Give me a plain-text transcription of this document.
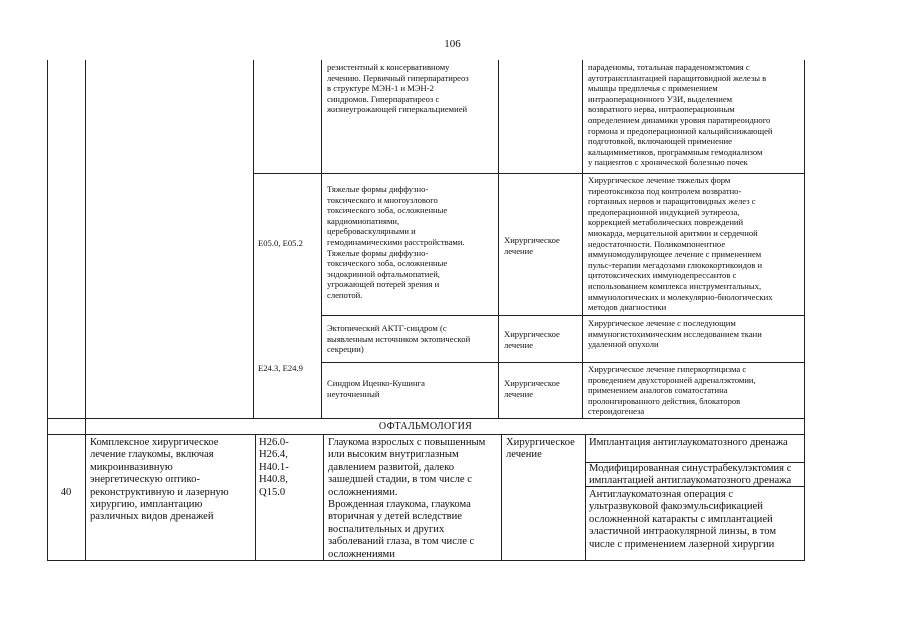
106
резистентный к консервативному
лечению. Первичный гиперпаратиреоз
в структуре МЭН-1 и МЭН-2
синдромов. Гиперпаратиреоз с
жизнеугрожающей гиперкальциемией
параденомы, тотальная параденомэктомия с
аутотрансплантацией паращитовидной железы в
мышцы предплечья с применением
интраоперационного УЗИ, выделением
возвратного нерва, интраоперационным
определением динамики уровня паратиреоидного
гормона и предоперационной кальцийснижающей
подготовкой, включающей применение
кальцимиметиков, программным гемодиализом
у пациентов с хронической болезнью почек
E05.0, E05.2
Тяжелые формы диффузно-
токсического и многоузлового
токсического зоба, осложненные
кардиомиопатиями,
цереброваскулярными и
гемодинамическими расстройствами.
Тяжелые формы диффузно-
токсического зоба, осложненные
эндокринной офтальмопатией,
угрожающей потерей зрения и
слепотой.
Хирургическое
лечение
Хирургическое лечение тяжелых форм
тиреотоксикоза под контролем возвратно-
гортанных нервов и паращитовидных желез с
предоперационной индукцией эутиреоза,
коррекцией метаболических повреждений
миокарда, мерцательной аритмии и сердечной
недостаточности. Поликомпонентное
иммуномодулирующее лечение с применением
пульс-терапии мегадозами глюкокортикоидов и
цитотоксических иммунодепрессантов с
использованием комплекса инструментальных,
иммунологических и молекулярно-биологических
методов диагностики
E24.3, E24.9
Эктопический АКТГ-синдром (с
выявленным источником эктопической
секреции)
Хирургическое
лечение
Хирургическое лечение с последующим
иммуногистохимическим исследованием ткани
удаленной опухоли
Синдром Иценко-Кушинга
неуточненный
Хирургическое
лечение
Хирургическое лечение гиперкортицизма с
проведением двухсторонней адреналэктомии,
применением аналогов соматостатина
пролонгированного действия, блокаторов
стероидогенеза
ОФТАЛЬМОЛОГИЯ
40
Комплексное хирургическое
лечение глаукомы, включая
микроинвазивную
энергетическую оптико-
реконструктивную и лазерную
хирургию, имплантацию
различных видов дренажей
H26.0-
H26.4,
H40.1-
H40.8,
Q15.0
Глаукома взрослых с повышенным
или высоким внутриглазным
давлением развитой, далеко
зашедшей стадии, в том числе с
осложнениями.
Врожденная глаукома, глаукома
вторичная у детей вследствие
воспалительных и других
заболеваний глаза, в том числе с
осложнениями
Хирургическое
лечение
Имплантация антиглаукоматозного дренажа
Модифицированная синустрабекулэктомия с
имплантацией антиглаукоматозного дренажа
Антиглаукоматозная операция с
ультразвуковой факоэмульсификацией
осложненной катаракты с имплантацией
эластичной интраокулярной линзы, в том
числе с применением лазерной хирургии
